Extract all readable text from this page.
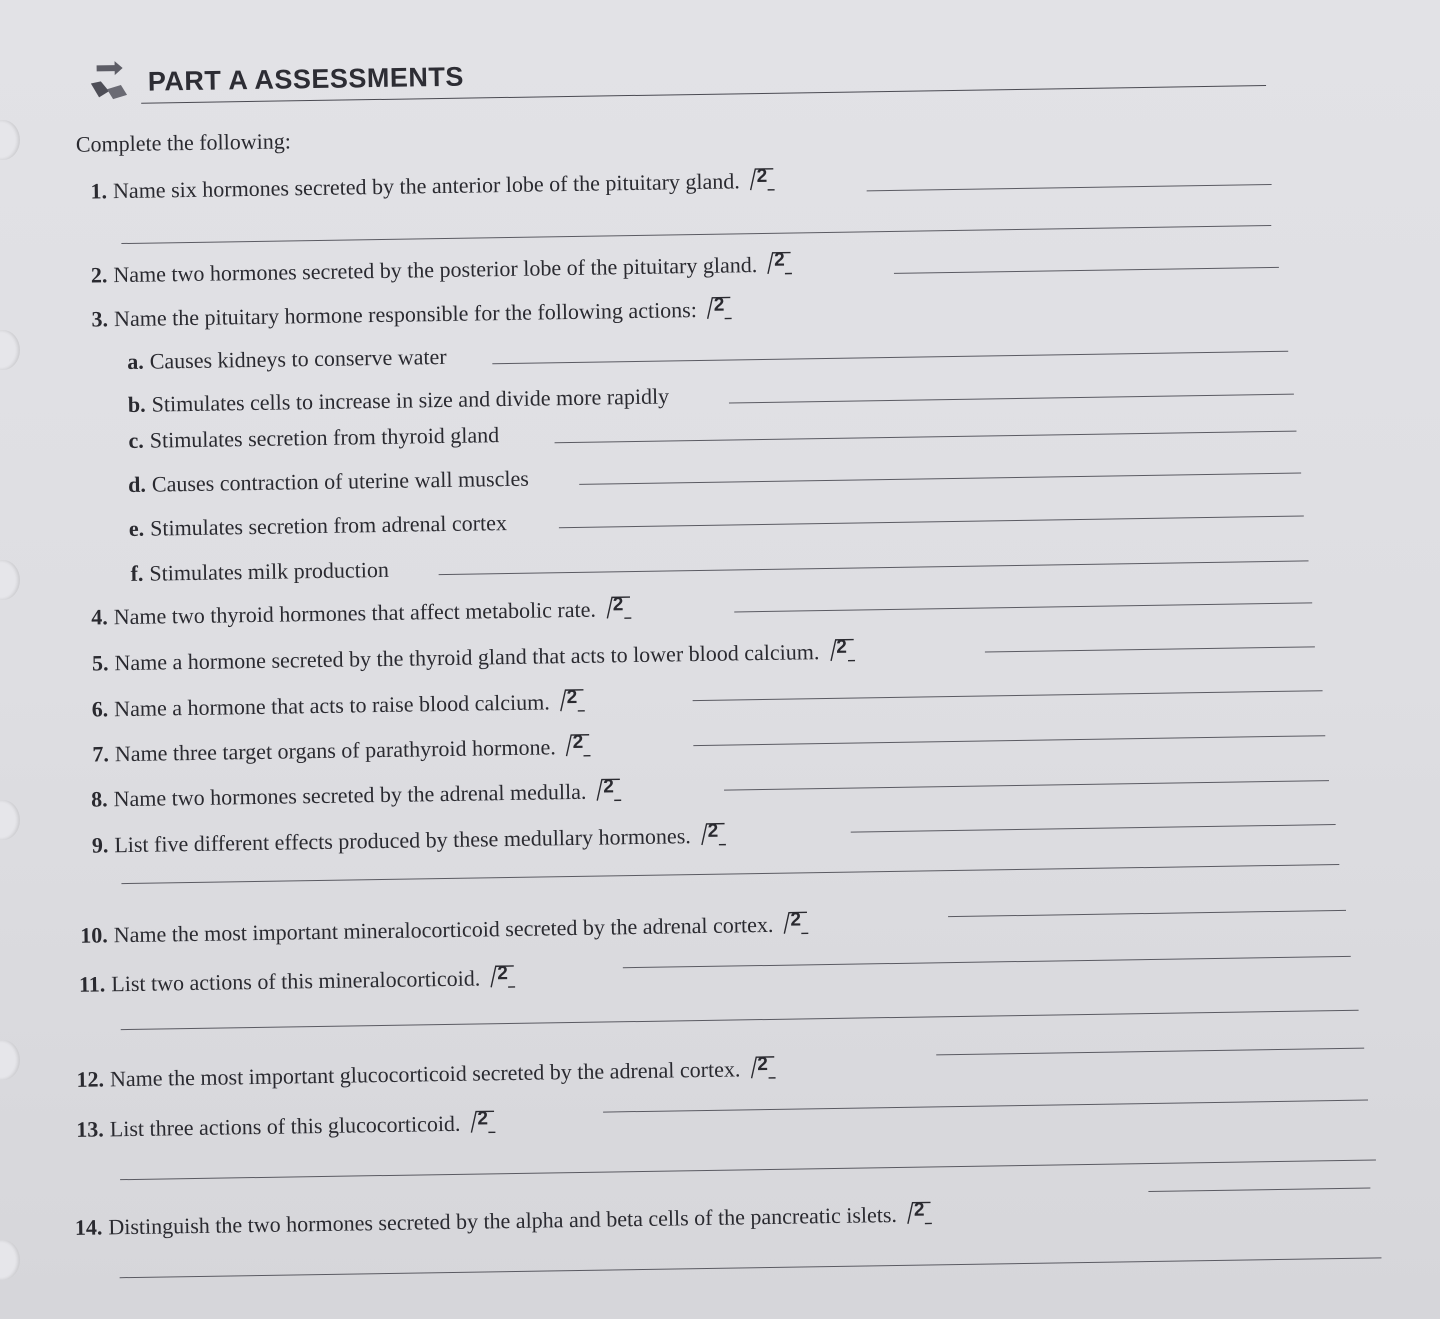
PART A ASSESSMENTS
Complete the following:
1. Name six hormones secreted by the anterior lobe of the pituitary gland. 2
2. Name two hormones secreted by the posterior lobe of the pituitary gland. 2
3. Name the pituitary hormone responsible for the following actions: 2
a. Causes kidneys to conserve water
b. Stimulates cells to increase in size and divide more rapidly
c. Stimulates secretion from thyroid gland
d. Causes contraction of uterine wall muscles
e. Stimulates secretion from adrenal cortex
f. Stimulates milk production
4. Name two thyroid hormones that affect metabolic rate. 2
5. Name a hormone secreted by the thyroid gland that acts to lower blood calcium. 2
6. Name a hormone that acts to raise blood calcium. 2
7. Name three target organs of parathyroid hormone. 2
8. Name two hormones secreted by the adrenal medulla. 2
9. List five different effects produced by these medullary hormones. 2
10. Name the most important mineralocorticoid secreted by the adrenal cortex. 2
11. List two actions of this mineralocorticoid. 2
12. Name the most important glucocorticoid secreted by the adrenal cortex. 2
13. List three actions of this glucocorticoid. 2
14. Distinguish the two hormones secreted by the alpha and beta cells of the pancreatic islets. 2
